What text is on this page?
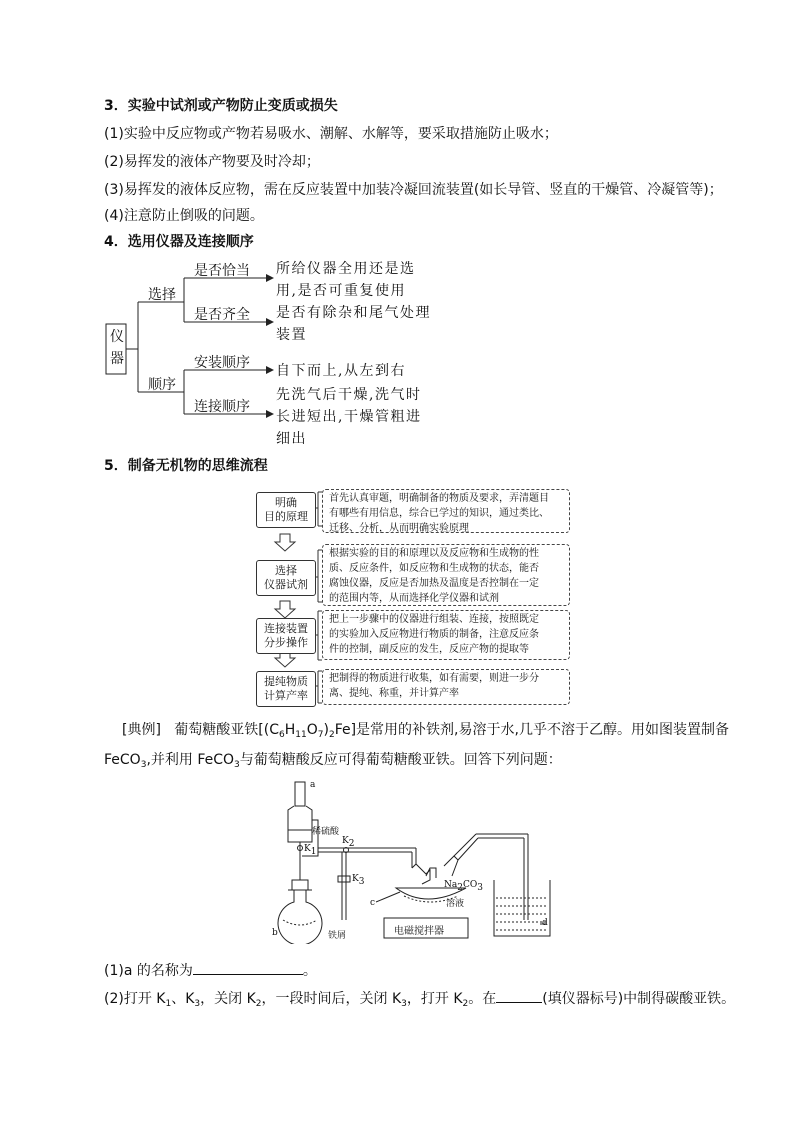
3．实验中试剂或产物防止变质或损失
(1)实验中反应物或产物若易吸水、潮解、水解等，要采取措施防止吸水；
(2)易挥发的液体产物要及时冷却；
(3)易挥发的液体反应物，需在反应装置中加装冷凝回流装置(如长导管、竖直的干燥管、冷凝管等)；
(4)注意防止倒吸的问题。
4．选用仪器及连接顺序
仪器
选择
顺序
是否恰当
是否齐全
安装顺序
连接顺序
所给仪器全用还是选
用,是否可重复使用
是否有除杂和尾气处理
装置
自下而上,从左到右
先洗气后干燥,洗气时
长进短出,干燥管粗进
细出
5．制备无机物的思维流程
明确
目的原理
首先认真审题，明确制备的物质及要求，弄清题目
有哪些有用信息，综合已学过的知识，通过类比、
迁移、分析，从而明确实验原理
选择
仪器试剂
根据实验的目的和原理以及反应物和生成物的性
质、反应条件，如反应物和生成物的状态，能否
腐蚀仪器，反应是否加热及温度是否控制在一定
的范围内等，从而选择化学仪器和试剂
连接装置
分步操作
把上一步骤中的仪器进行组装、连接，按照既定
的实验加入反应物进行物质的制备，注意反应条
件的控制，副反应的发生，反应产物的提取等
提纯物质
计算产率
把制得的物质进行收集，如有需要，则进一步分
离、提纯、称重，并计算产率
[典例] 葡萄糖酸亚铁$[(C_6H_{11}O_7)_2Fe]$是常用的补铁剂,易溶于水,几乎不溶于乙醇。用如图装置制备
FeCO$_3$,并利用 FeCO$_3$与葡萄糖酸反应可得葡萄糖酸亚铁。回答下列问题：
a
稀硫酸
$K_1$
$K_2$
$K_3$
b	铁屑
c
$Na_2CO_3$
溶液
电磁搅拌器
d
(1)a 的名称为	。
(2)打开 $K_1$、$K_3$，关闭 $K_2$，一段时间后，关闭 $K_3$，打开 $K_2$。在	(填仪器标号)中制得碳酸亚铁。
